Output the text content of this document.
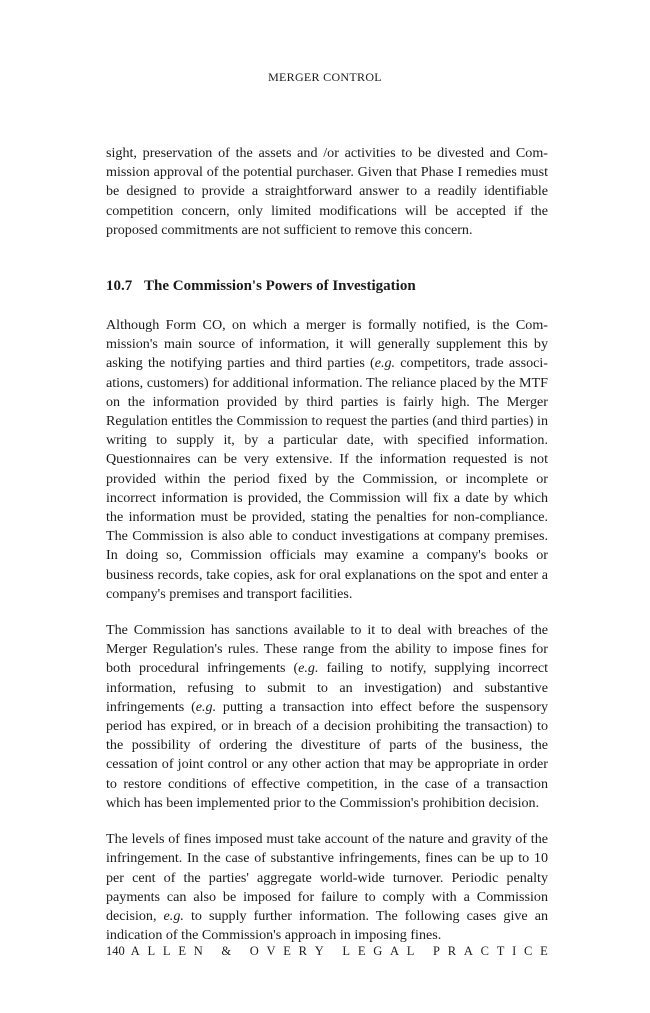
MERGER CONTROL

sight, preservation of the assets and /or activities to be divested and Commission approval of the potential purchaser. Given that Phase I remedies must be designed to provide a straightforward answer to a readily identifiable competition concern, only limited modifications will be accepted if the proposed commitments are not sufficient to remove this concern.

10.7 The Commission's Powers of Investigation

Although Form CO, on which a merger is formally notified, is the Commission's main source of information, it will generally supplement this by asking the notifying parties and third parties (e.g. competitors, trade associations, customers) for additional information. The reliance placed by the MTF on the information provided by third parties is fairly high. The Merger Regulation entitles the Commission to request the parties (and third parties) in writing to supply it, by a particular date, with specified information. Questionnaires can be very extensive. If the information requested is not provided within the period fixed by the Commission, or incomplete or incorrect information is provided, the Commission will fix a date by which the information must be provided, stating the penalties for non-compliance. The Commission is also able to conduct investigations at company premises. In doing so, Commission officials may examine a company's books or business records, take copies, ask for oral explanations on the spot and enter a company's premises and transport facilities.

The Commission has sanctions available to it to deal with breaches of the Merger Regulation's rules. These range from the ability to impose fines for both procedural infringements (e.g. failing to notify, supplying incorrect information, refusing to submit to an investigation) and substantive infringements (e.g. putting a transaction into effect before the suspensory period has expired, or in breach of a decision prohibiting the transaction) to the possibility of ordering the divestiture of parts of the business, the cessation of joint control or any other action that may be appropriate in order to restore conditions of effective competition, in the case of a transaction which has been implemented prior to the Commission's prohibition decision.

The levels of fines imposed must take account of the nature and gravity of the infringement. In the case of substantive infringements, fines can be up to 10 per cent of the parties' aggregate world-wide turnover. Periodic penalty payments can also be imposed for failure to comply with a Commission decision, e.g. to supply further information. The following cases give an indication of the Commission's approach in imposing fines.

140 A L L E N
&
O V E R Y
L E G A L
P R A C T I C E
